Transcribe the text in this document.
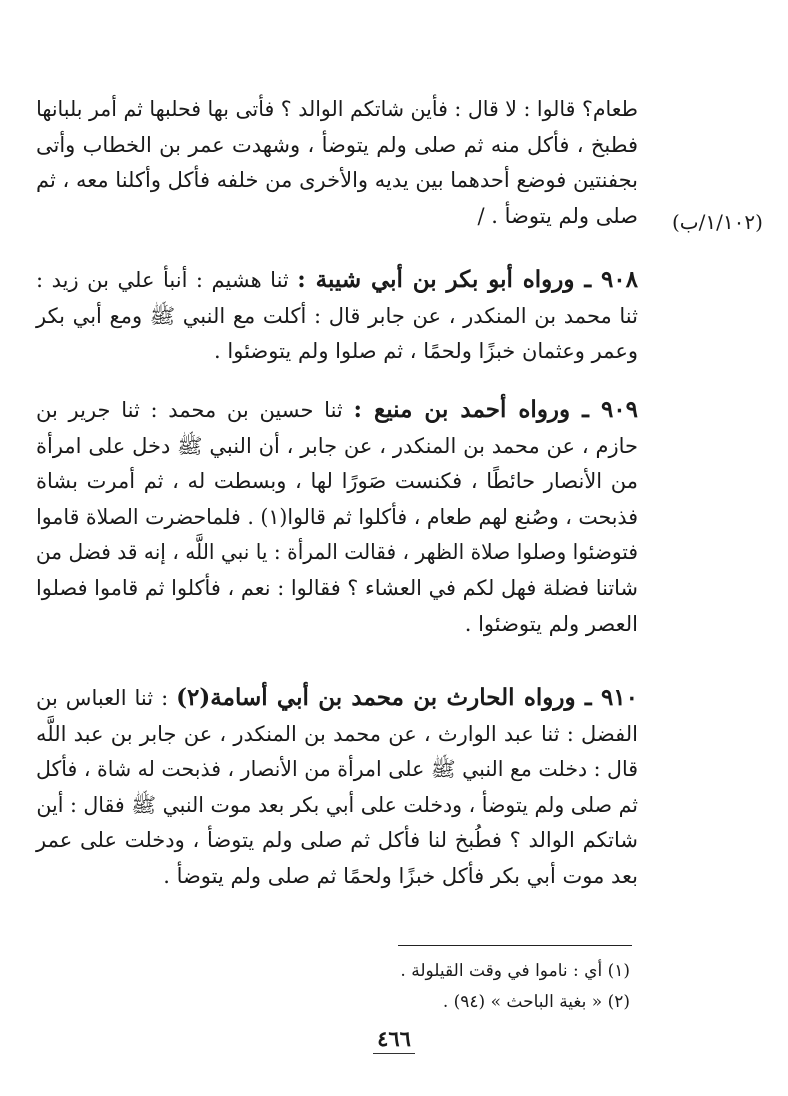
طعام؟ قالوا : لا قال : فأين شاتكم الوالد ؟ فأتى بها فحلبها ثم أمر بلبانها
فطبخ ، فأكل منه ثم صلى ولم يتوضأ ، وشهدت عمر بن الخطاب وأتى
بجفنتين فوضع أحدهما بين يديه والأخرى من خلفه فأكل وأكلنا معه ، ثم
صلى ولم يتوضأ . / (١/١٠٢/ب)
٩٠٨ ـ ورواه أبو بكر بن أبي شيبة : ثنا هشيم : أنبأ علي بن زيد :
ثنا محمد بن المنكدر ، عن جابر قال : أكلت مع النبي ﷺ ومع أبي بكر
وعمر وعثمان خبزًا ولحمًا ، ثم صلوا ولم يتوضئوا .
٩٠٩ ـ ورواه أحمد بن منيع : ثنا حسين بن محمد : ثنا جرير بن
حازم ، عن محمد بن المنكدر ، عن جابر ، أن النبي ﷺ دخل على امرأة
من الأنصار حائطًا ، فكنست صَورًا لها ، وبسطت له ، ثم أمرت بشاة
فذبحت ، وصُنع لهم طعام ، فأكلوا ثم قالوا(١) . فلماحضرت الصلاة قاموا
فتوضئوا وصلوا صلاة الظهر ، فقالت المرأة : يا نبي اللَّه ، إنه قد فضل من
شاتنا فضلة فهل لكم في العشاء ؟ فقالوا : نعم ، فأكلوا ثم قاموا فصلوا
العصر ولم يتوضئوا .
٩١٠ ـ ورواه الحارث بن محمد بن أبي أسامة(٢) : ثنا العباس بن
الفضل : ثنا عبد الوارث ، عن محمد بن المنكدر ، عن جابر بن عبد اللَّه
قال : دخلت مع النبي ﷺ على امرأة من الأنصار ، فذبحت له شاة ، فأكل
ثم صلى ولم يتوضأ ، ودخلت على أبي بكر بعد موت النبي ﷺ فقال : أين
شاتكم الوالد ؟ فطُبخ لنا فأكل ثم صلى ولم يتوضأ ، ودخلت على عمر
بعد موت أبي بكر فأكل خبزًا ولحمًا ثم صلى ولم يتوضأ .
(١) أي : ناموا في وقت القيلولة .
(٢) « بغية الباحث » (٩٤) .
٤٦٦
